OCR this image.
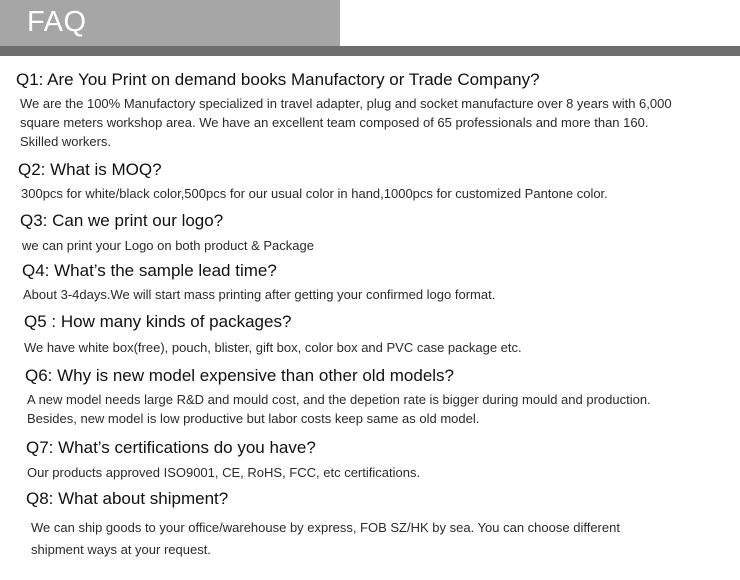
FAQ
Q1: Are You Print on demand books Manufactory or Trade Company?
We are the 100% Manufactory specialized in travel adapter, plug and socket manufacture over 8 years with 6,000
square meters workshop area. We have an excellent team composed of 65 professionals and more than 160.
Skilled workers.
Q2: What is MOQ?
300pcs for white/black color,500pcs for our usual color in hand,1000pcs for customized Pantone color.
Q3: Can we print our logo?
we can print your Logo on both product & Package
Q4: What’s the sample lead time?
About 3-4days.We will start mass printing after getting your confirmed logo format.
Q5 : How many kinds of packages?
We have white box(free), pouch, blister, gift box, color box and PVC case package etc.
Q6: Why is new model expensive than other old models?
A new model needs large R&D and mould cost, and the depetion rate is bigger during mould and production.
Besides, new model is low productive but labor costs keep same as old model.
Q7: What’s certifications do you have?
Our products approved ISO9001, CE, RoHS, FCC, etc certifications.
Q8: What about shipment?
We can ship goods to your office/warehouse by express, FOB SZ/HK by sea. You can choose different
shipment ways at your request.
